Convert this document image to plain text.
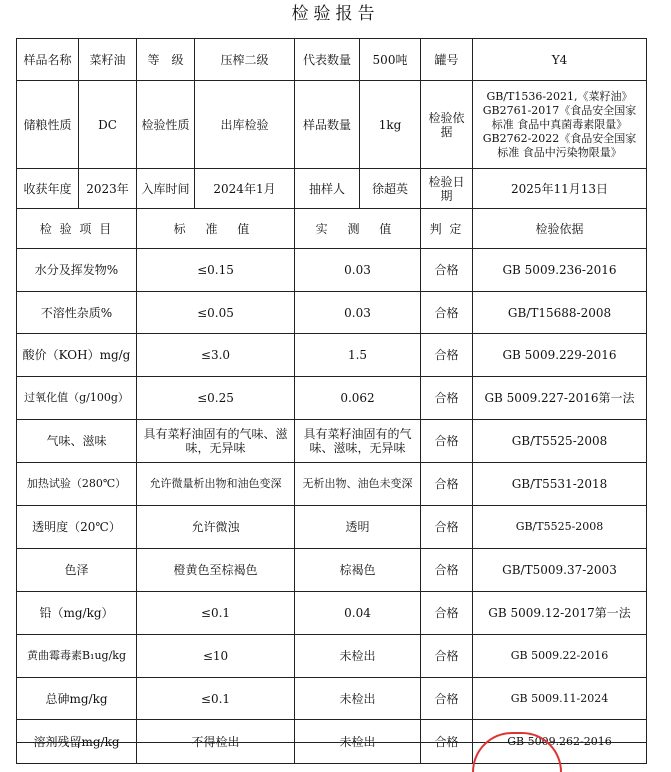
检验报告
样品名称	菜籽油	等　级	压榨二级	代表数量	500吨	罐号	Y4
储粮性质	DC	检验性质	出库检验	样品数量	1kg	检验依据	GB/T1536-2021,《菜籽油》
GB2761-2017《食品安全国家
标准 食品中真菌毒素限量》
GB2762-2022《食品安全国家
标准 食品中污染物限量》

收获年度	2023年	入库时间	2024年1月	抽样人	徐超英	检验日期	2025年11月13日
检 验 项 目		标 准 值		实 测 值		判 定	检验依据
水分及挥发物%		≤0.15		0.03		合格	GB 5009.236-2016
不溶性杂质%		≤0.05		0.03		合格	GB/T15688-2008
酸价（KOH）mg/g		≤3.0		1.5		合格	GB 5009.229-2016
过氧化值（g/100g）		≤0.25		0.062		合格	GB 5009.227-2016第一法
气味、滋味		具有菜籽油固有的气味、滋味，无异味		具有菜籽油固有的气味、滋味，无异味		合格	GB/T5525-2008
加热试验（280℃）		允许微量析出物和油色变深		无析出物、油色未变深		合格	GB/T5531-2018
透明度（20℃）		允许微浊		透明		合格	GB/T5525-2008
色泽		橙黄色至棕褐色		棕褐色		合格	GB/T5009.37-2003
铅（mg/kg）		≤0.1		0.04		合格	GB 5009.12-2017第一法
黄曲霉毒素B₁ug/kg		≤10		未检出		合格	GB 5009.22-2016
总砷mg/kg		≤0.1		未检出		合格	GB 5009.11-2024
溶剂残留mg/kg		不得检出		未检出		合格	GB 5009.262-2016
